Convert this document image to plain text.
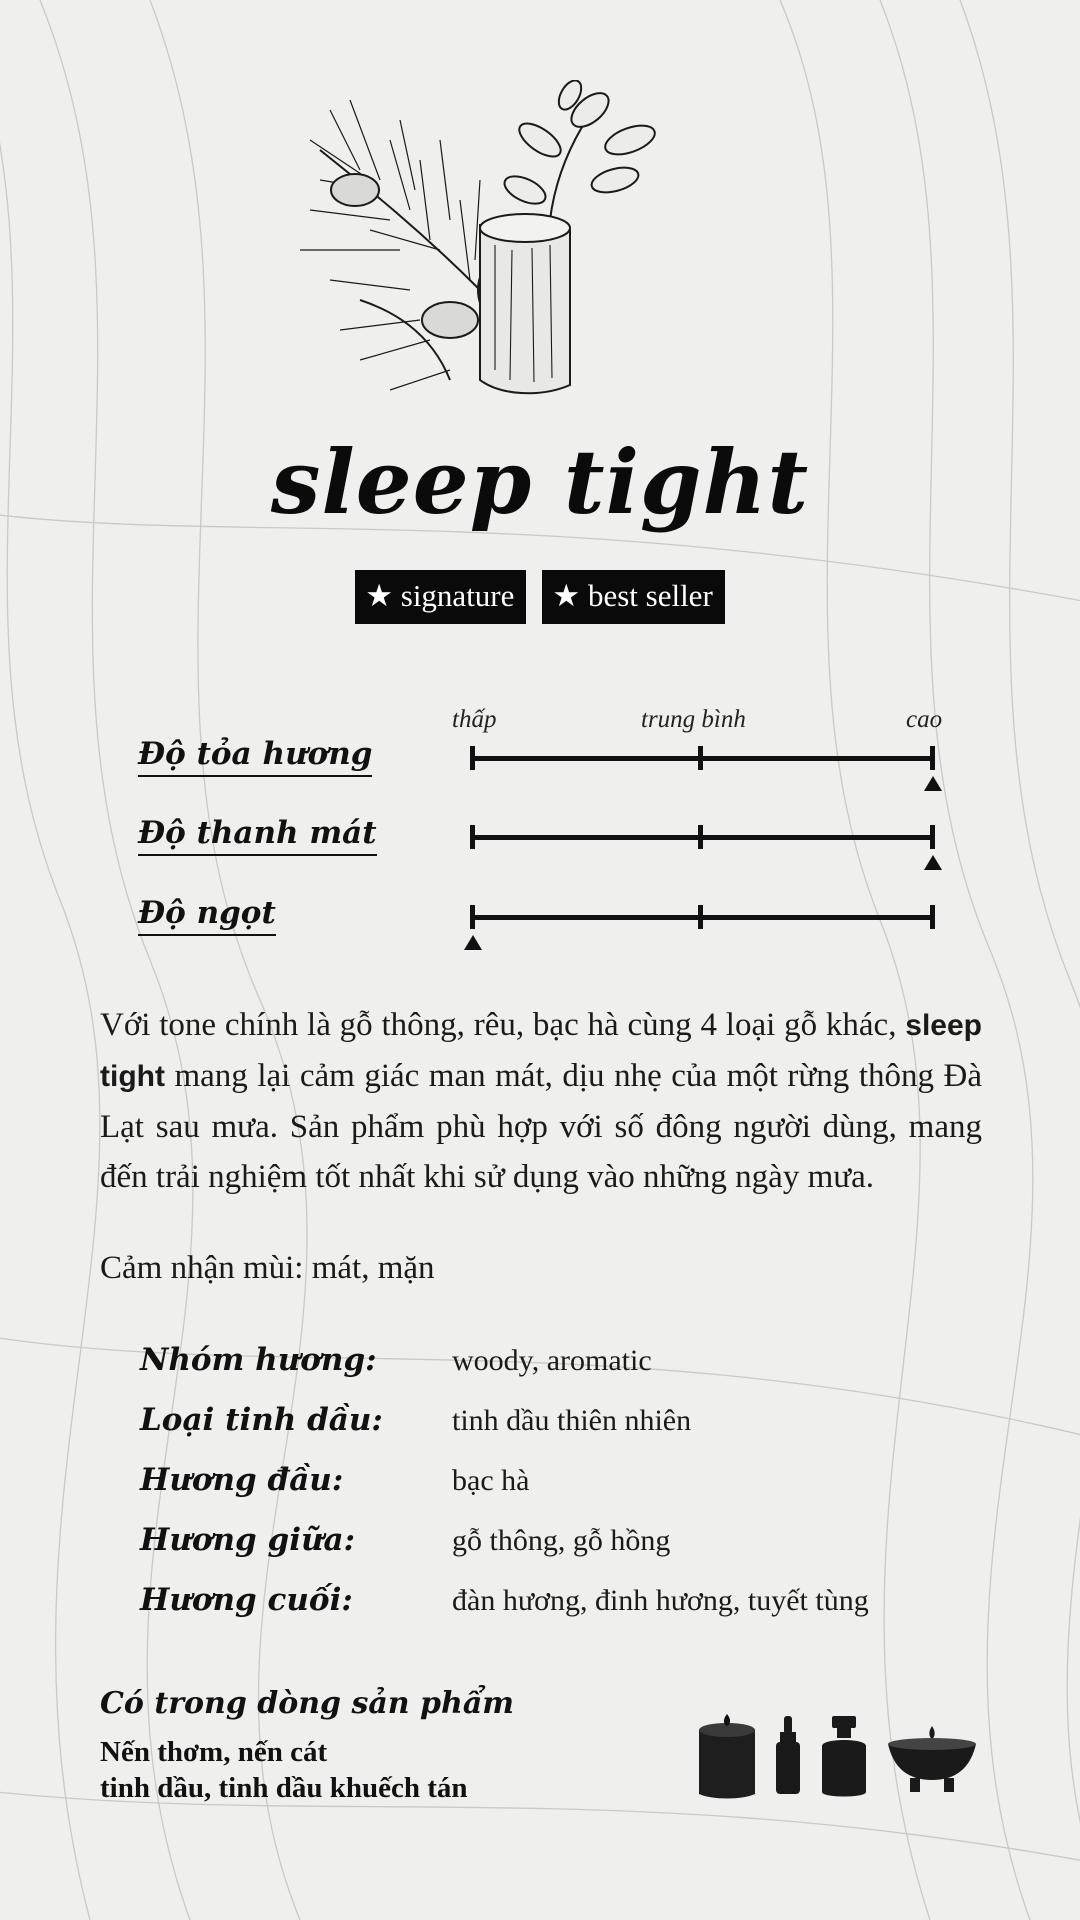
sleep tight
★ signature	★ best seller
thấp	trung bình	cao
Độ tỏa hương
Độ thanh mát
Độ ngọt
Với tone chính là gỗ thông, rêu, bạc hà cùng 4 loại gỗ khác, sleep tight mang lại cảm giác man mát, dịu nhẹ của một rừng thông Đà Lạt sau mưa. Sản phẩm phù hợp với số đông người dùng, mang đến trải nghiệm tốt nhất khi sử dụng vào những ngày mưa.
Cảm nhận mùi: mát, mặn
Nhóm hương:	woody, aromatic
Loại tinh dầu:	tinh dầu thiên nhiên
Hương đầu:	bạc hà
Hương giữa:	gỗ thông, gỗ hồng
Hương cuối:	đàn hương, đinh hương, tuyết tùng
Có trong dòng sản phẩm
Nến thơm, nến cát
tinh dầu, tinh dầu khuếch tán
